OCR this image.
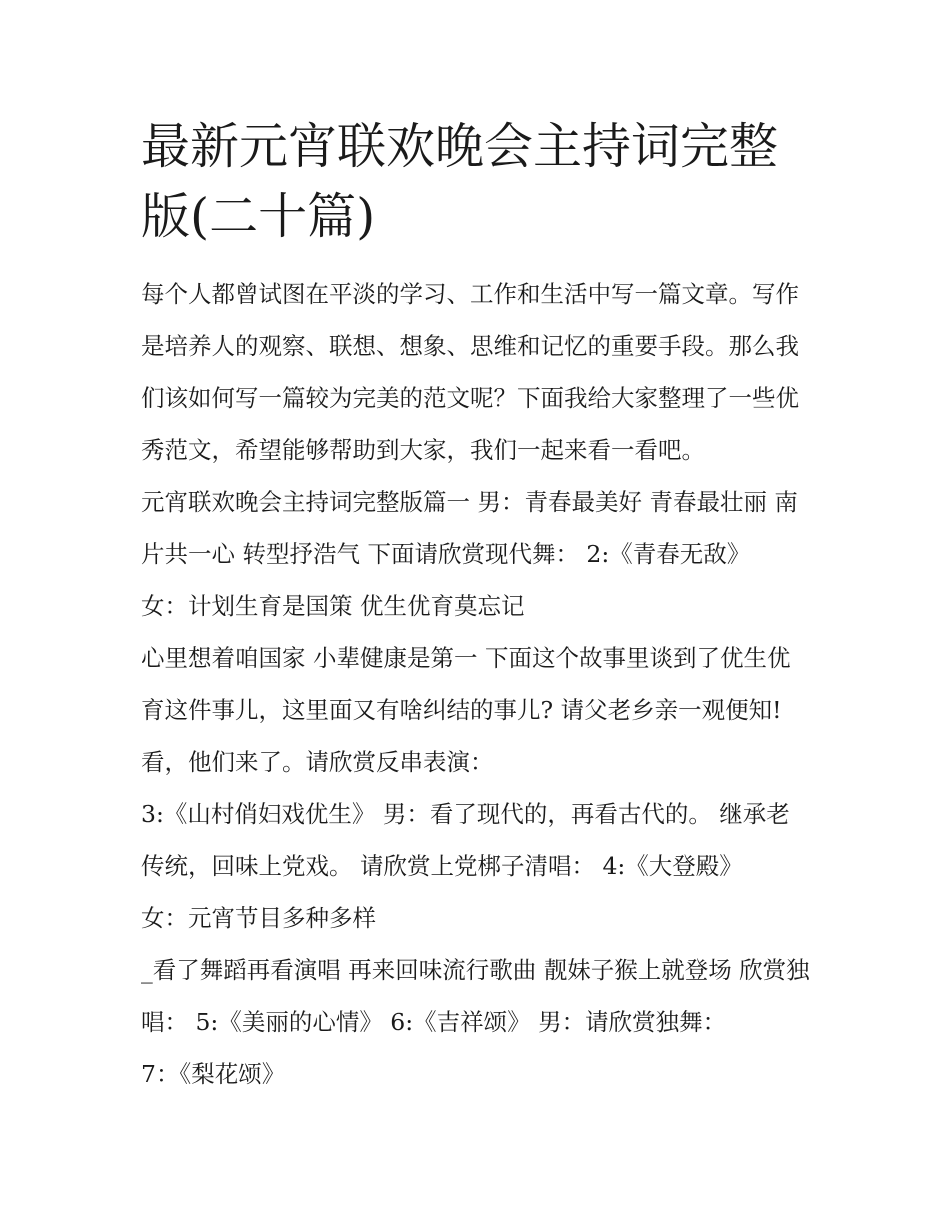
最新元宵联欢晚会主持词完整版(二十篇)

每个人都曾试图在平淡的学习、工作和生活中写一篇文章。写作是培养人的观察、联想、想象、思维和记忆的重要手段。那么我们该如何写一篇较为完美的范文呢？下面我给大家整理了一些优秀范文，希望能够帮助到大家，我们一起来看一看吧。

元宵联欢晚会主持词完整版篇一 男：青春最美好 青春最壮丽 南片共一心 转型抒浩气 下面请欣赏现代舞： 2:《青春无敌》

女：计划生育是国策 优生优育莫忘记

心里想着咱国家 小辈健康是第一 下面这个故事里谈到了优生优育这件事儿，这里面又有啥纠结的事儿? 请父老乡亲一观便知!看，他们来了。请欣赏反串表演：

3:《山村俏妇戏优生》 男：看了现代的，再看古代的。 继承老传统，回味上党戏。 请欣赏上党梆子清唱： 4:《大登殿》

女：元宵节目多种多样

_看了舞蹈再看演唱 再来回味流行歌曲 靓妹子猴上就登场 欣赏独唱： 5:《美丽的心情》 6:《吉祥颂》 男：请欣赏独舞：

7：《梨花颂》
